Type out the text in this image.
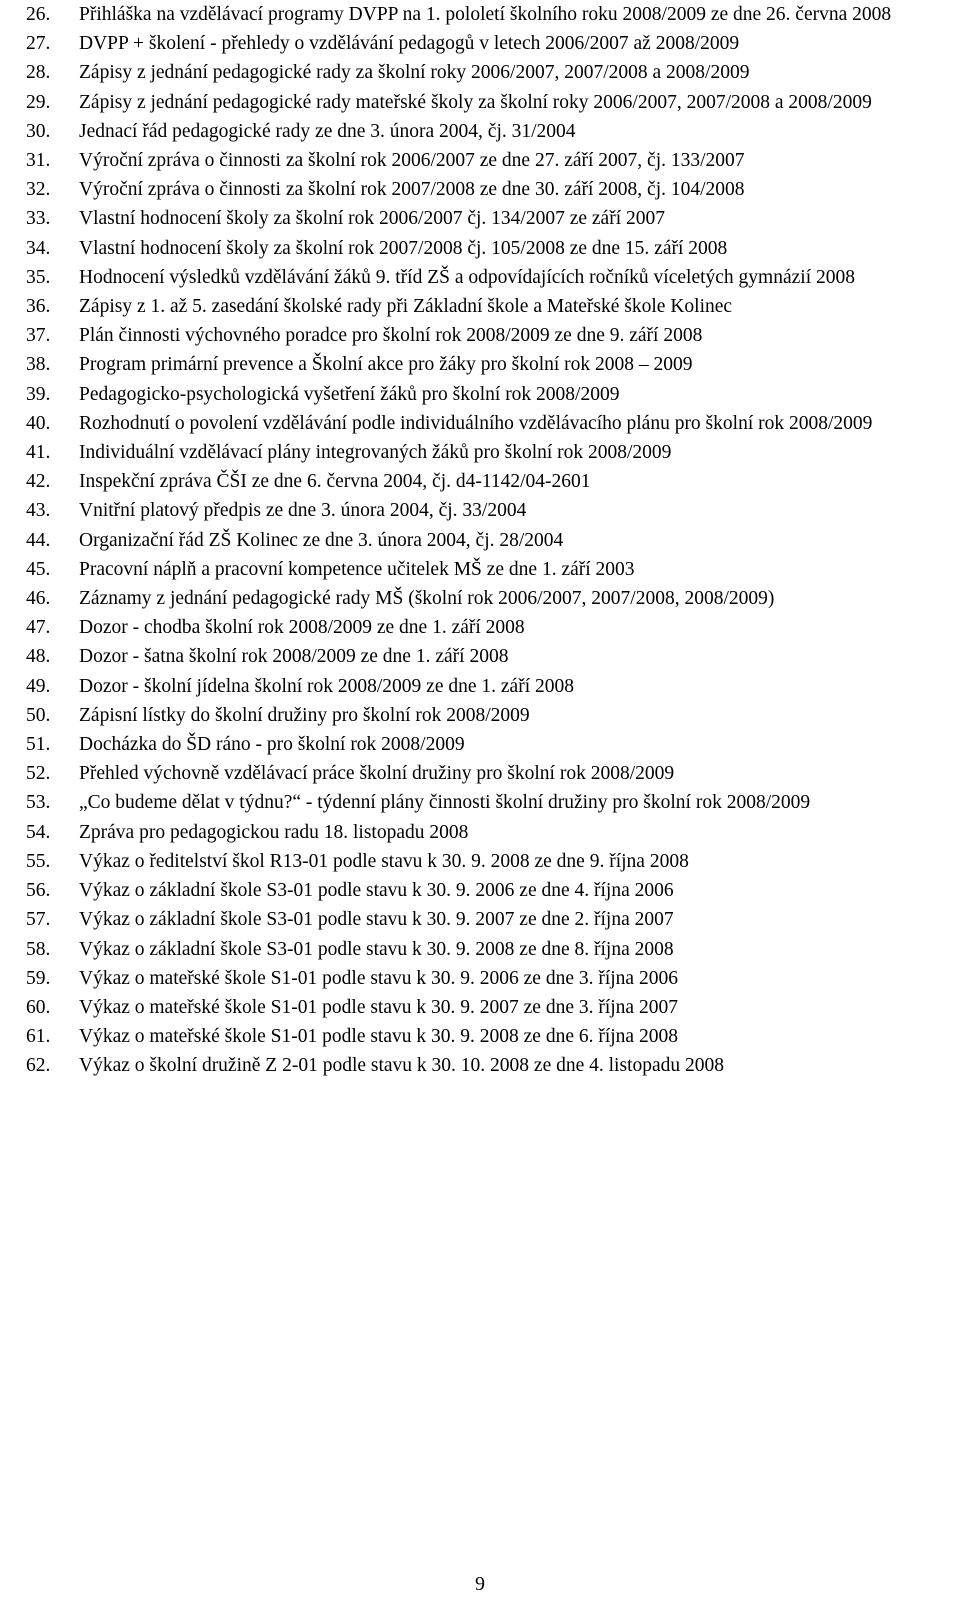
26.	Přihláška na vzdělávací programy DVPP na 1. pololetí školního roku 2008/2009 ze dne 26. června 2008
27.	DVPP + školení - přehledy o vzdělávání pedagogů v letech 2006/2007 až 2008/2009
28.	Zápisy z jednání pedagogické rady za školní roky 2006/2007, 2007/2008 a 2008/2009
29.	Zápisy z jednání pedagogické rady mateřské školy za školní roky 2006/2007, 2007/2008 a 2008/2009
30.	Jednací řád pedagogické rady ze dne 3. února 2004, čj. 31/2004
31.	Výroční zpráva o činnosti za školní rok 2006/2007 ze dne 27. září 2007, čj. 133/2007
32.	Výroční zpráva o činnosti za školní rok 2007/2008 ze dne 30. září 2008, čj. 104/2008
33.	Vlastní hodnocení školy za školní rok 2006/2007 čj. 134/2007 ze září 2007
34.	Vlastní hodnocení školy za školní rok 2007/2008 čj. 105/2008 ze dne 15. září 2008
35.	Hodnocení výsledků vzdělávání žáků 9. tříd ZŠ a odpovídajících ročníků víceletých gymnázií 2008
36.	Zápisy z 1. až 5. zasedání školské rady při Základní škole a Mateřské škole Kolinec
37.	Plán činnosti výchovného poradce pro školní rok 2008/2009 ze dne 9. září 2008
38.	Program primární prevence a Školní akce pro žáky pro školní rok 2008 – 2009
39.	Pedagogicko-psychologická vyšetření žáků pro školní rok 2008/2009
40.	Rozhodnutí o povolení vzdělávání podle individuálního vzdělávacího plánu pro školní rok 2008/2009
41.	Individuální vzdělávací plány integrovaných žáků pro školní rok 2008/2009
42.	Inspekční zpráva ČŠI ze dne 6. června 2004, čj. d4-1142/04-2601
43.	Vnitřní platový předpis ze dne 3. února 2004, čj. 33/2004
44.	Organizační řád ZŠ Kolinec ze dne 3. února 2004, čj. 28/2004
45.	Pracovní náplň a pracovní kompetence učitelek MŠ ze dne 1. září 2003
46.	Záznamy z jednání pedagogické rady MŠ (školní rok 2006/2007, 2007/2008, 2008/2009)
47.	Dozor - chodba školní rok 2008/2009 ze dne 1. září 2008
48.	Dozor - šatna školní rok 2008/2009 ze dne 1. září 2008
49.	Dozor - školní jídelna školní rok 2008/2009 ze dne 1. září 2008
50.	Zápisní lístky do školní družiny pro školní rok 2008/2009
51.	Docházka do ŠD ráno - pro školní rok 2008/2009
52.	Přehled výchovně vzdělávací práce školní družiny pro školní rok 2008/2009
53.	„Co budeme dělat v týdnu?“ - týdenní plány činnosti školní družiny pro školní rok 2008/2009
54.	Zpráva pro pedagogickou radu 18. listopadu 2008
55.	Výkaz o ředitelství škol R13-01 podle stavu k 30. 9. 2008 ze dne 9. října 2008
56.	Výkaz o základní škole S3-01 podle stavu k 30. 9. 2006 ze dne 4. října 2006
57.	Výkaz o základní škole S3-01 podle stavu k 30. 9. 2007 ze dne 2. října 2007
58.	Výkaz o základní škole S3-01 podle stavu k 30. 9. 2008 ze dne 8. října 2008
59.	Výkaz o mateřské škole S1-01 podle stavu k 30. 9. 2006 ze dne 3. října 2006
60.	Výkaz o mateřské škole S1-01 podle stavu k 30. 9. 2007 ze dne 3. října 2007
61.	Výkaz o mateřské škole S1-01 podle stavu k 30. 9. 2008 ze dne 6. října 2008
62.	Výkaz o školní družině Z 2-01 podle stavu k 30. 10. 2008 ze dne 4. listopadu 2008
9
